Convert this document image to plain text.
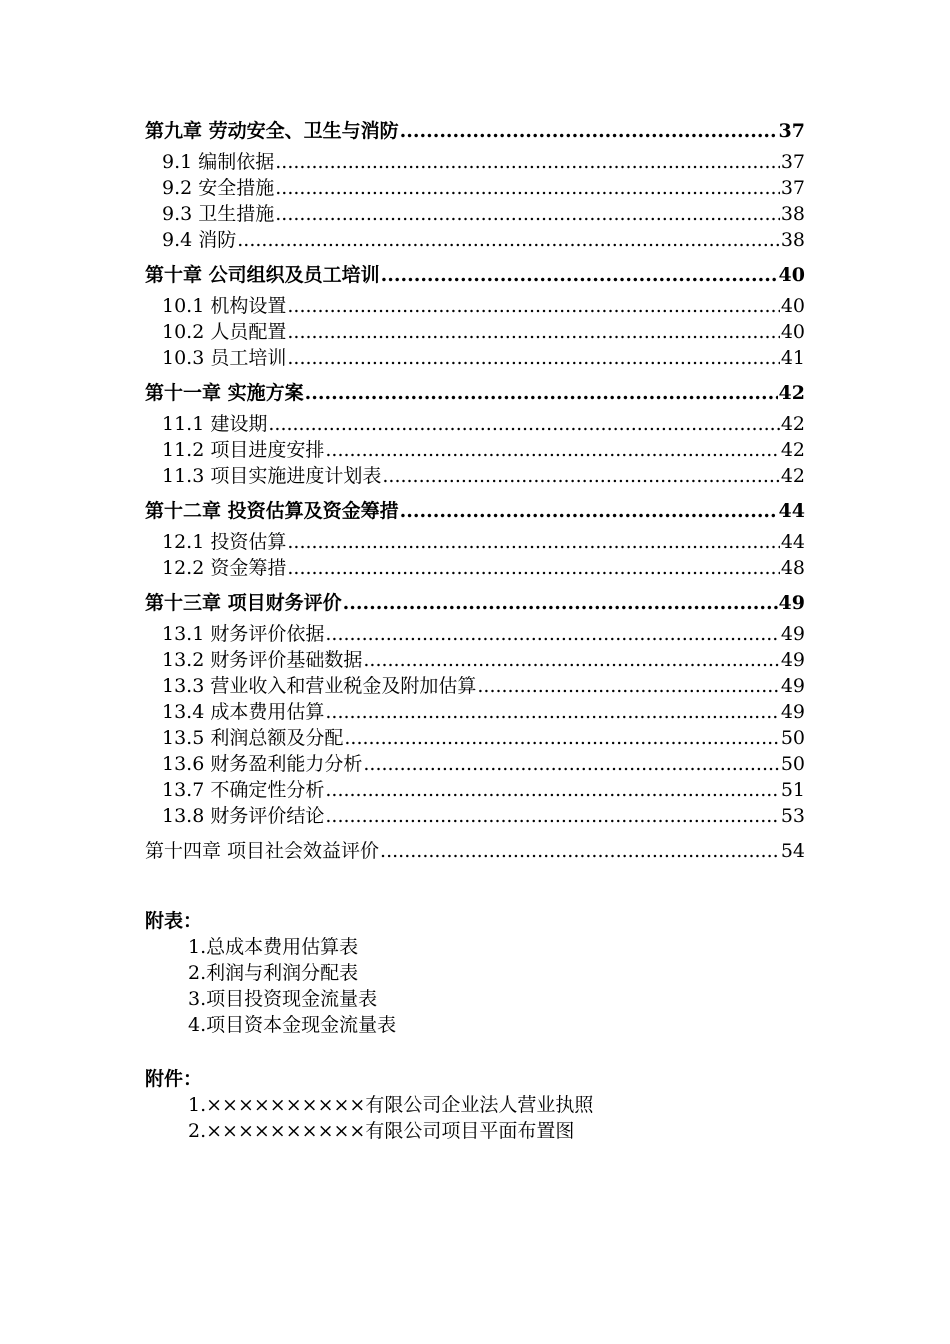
第九章 劳动安全、卫生与消防 .....	37
9.1 编制依据 .....	37
9.2 安全措施 .....	37
9.3 卫生措施 .....	38
9.4 消防 .....	38
第十章 公司组织及员工培训 .....	40
10.1 机构设置 .....	40
10.2 人员配置 .....	40
10.3 员工培训 .....	41
第十一章 实施方案 .....	42
11.1 建设期 .....	42
11.2 项目进度安排 .....	42
11.3 项目实施进度计划表 .....	42
第十二章 投资估算及资金筹措 .....	44
12.1 投资估算 .....	44
12.2 资金筹措 .....	48
第十三章 项目财务评价 .....	49
13.1 财务评价依据 .....	49
13.2 财务评价基础数据 .....	49
13.3 营业收入和营业税金及附加估算 .....	49
13.4 成本费用估算 .....	49
13.5 利润总额及分配 .....	50
13.6 财务盈利能力分析 .....	50
13.7 不确定性分析 .....	51
13.8 财务评价结论 .....	53
第十四章 项目社会效益评价 .....	54
附表：
1.总成本费用估算表
2.利润与利润分配表
3.项目投资现金流量表
4.项目资本金现金流量表
附件：
1.××××××××××有限公司企业法人营业执照
2.××××××××××有限公司项目平面布置图
